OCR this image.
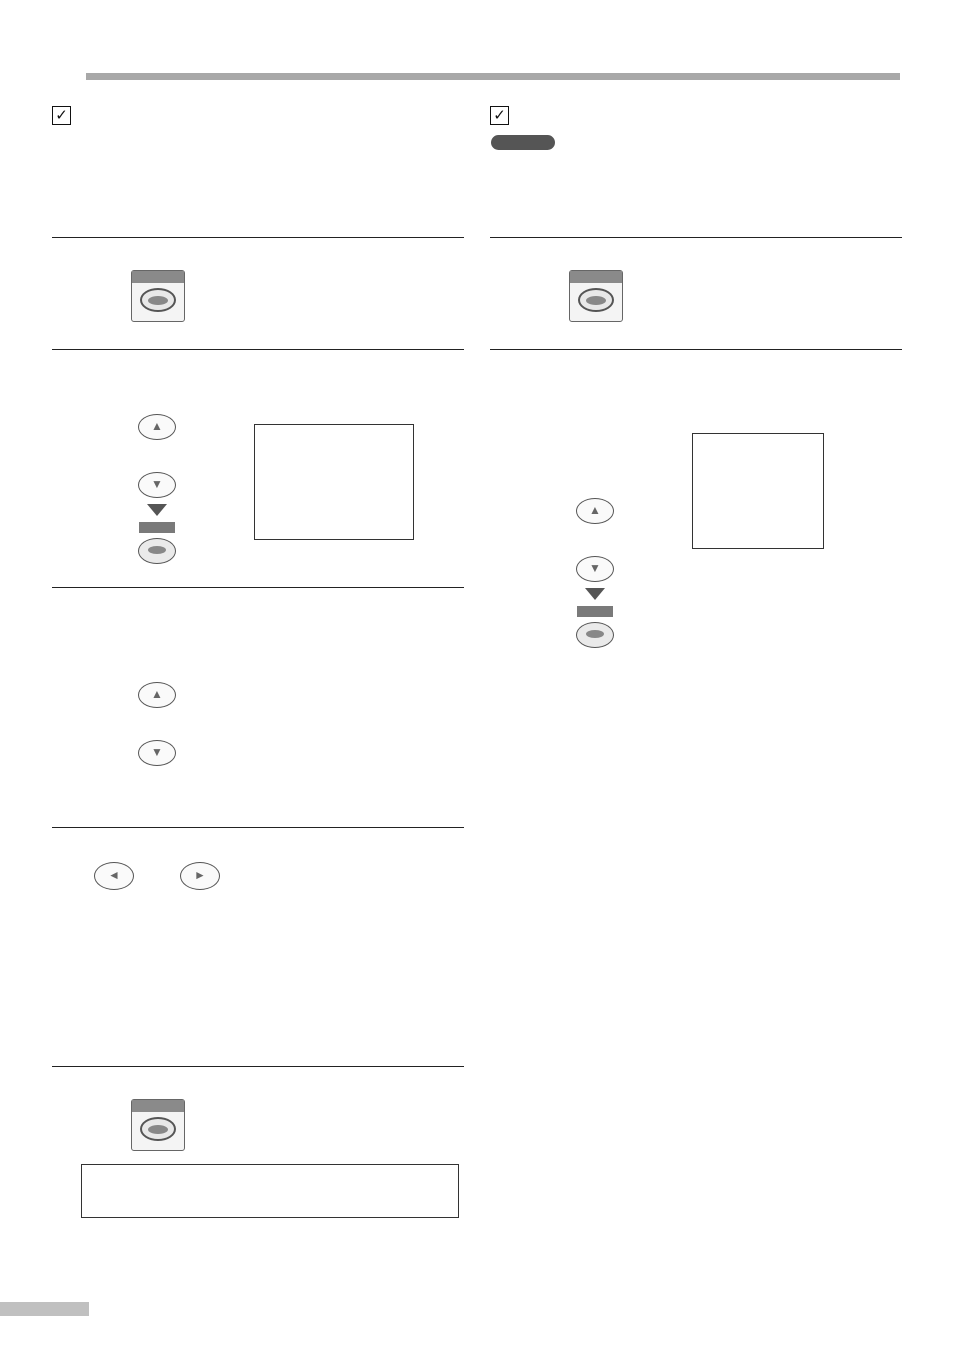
✓

▲
▼

▲
▼
◄	►

✓

▲
▼
